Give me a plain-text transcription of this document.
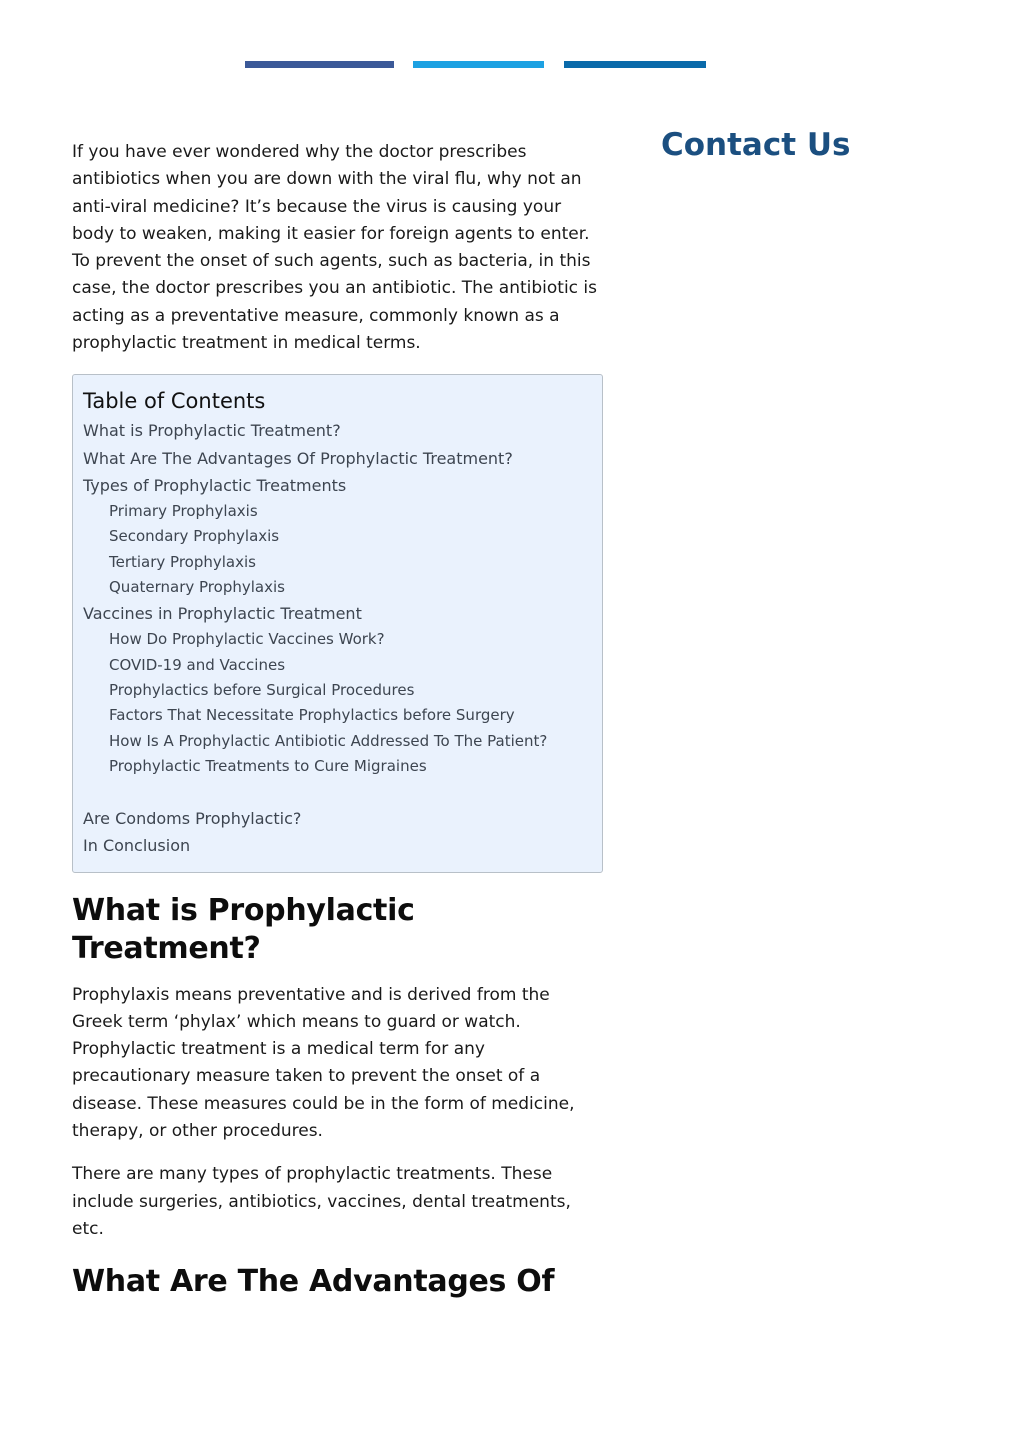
If you have ever wondered why the doctor prescribes antibiotics when you are down with the viral flu, why not an anti-viral medicine? It’s because the virus is causing your body to weaken, making it easier for foreign agents to enter. To prevent the onset of such agents, such as bacteria, in this case, the doctor prescribes you an antibiotic. The antibiotic is acting as a preventative measure, commonly known as a prophylactic treatment in medical terms.

Table of Contents
What is Prophylactic Treatment?
What Are The Advantages Of Prophylactic Treatment?
Types of Prophylactic Treatments
Primary Prophylaxis
Secondary Prophylaxis
Tertiary Prophylaxis
Quaternary Prophylaxis
Vaccines in Prophylactic Treatment
How Do Prophylactic Vaccines Work?
COVID-19 and Vaccines
Prophylactics before Surgical Procedures
Factors That Necessitate Prophylactics before Surgery
How Is A Prophylactic Antibiotic Addressed To The Patient?
Prophylactic Treatments to Cure Migraines
Are Condoms Prophylactic?
In Conclusion
What is Prophylactic Treatment?

Prophylaxis means preventative and is derived from the Greek term ‘phylax’ which means to guard or watch. Prophylactic treatment is a medical term for any precautionary measure taken to prevent the onset of a disease. These measures could be in the form of medicine, therapy, or other procedures.

There are many types of prophylactic treatments. These include surgeries, antibiotics, vaccines, dental treatments, etc.

What Are The Advantages Of
Contact Us
